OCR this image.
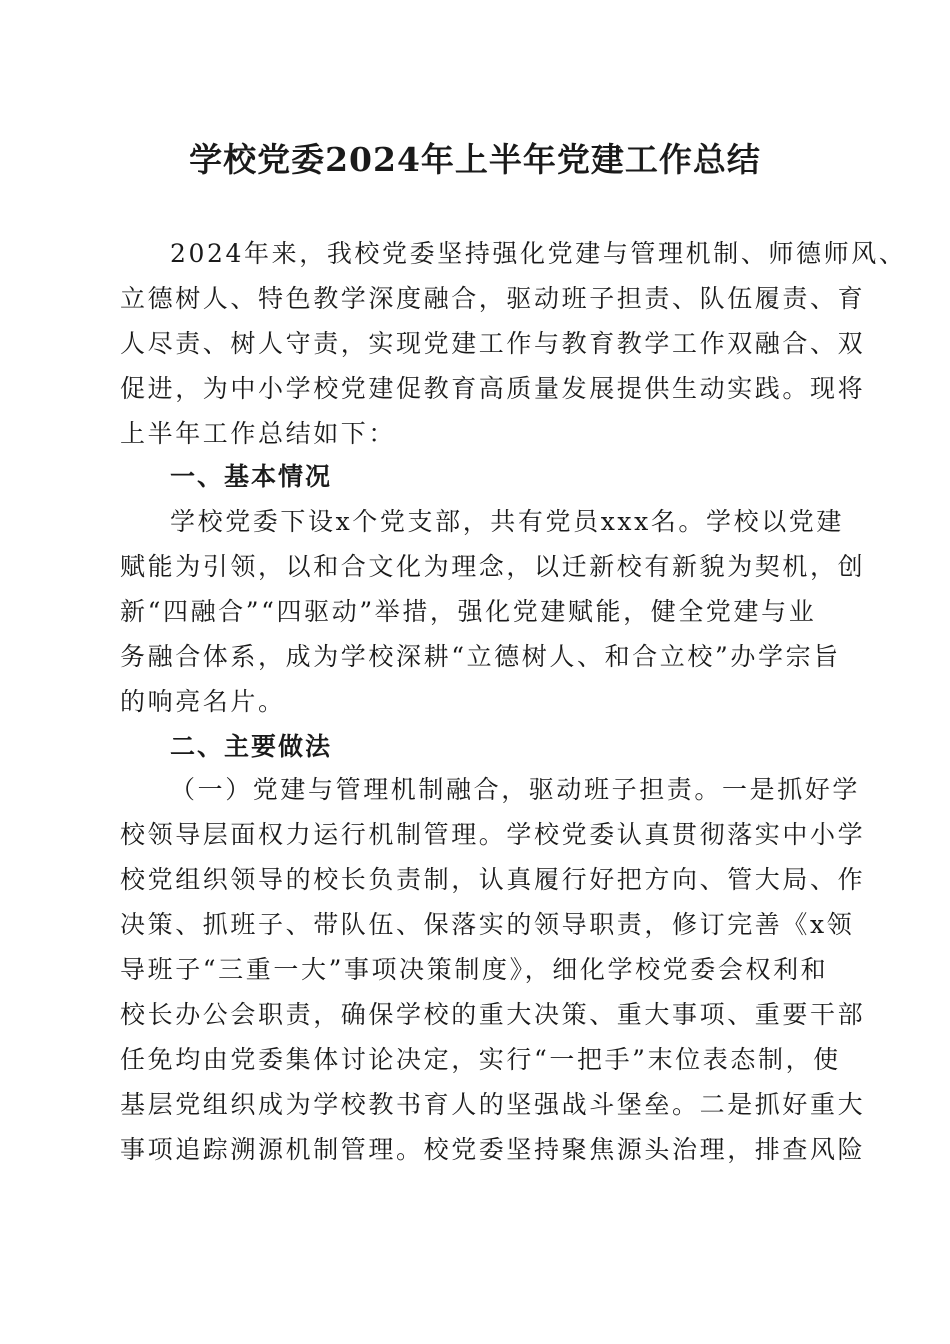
学校党委2024年上半年党建工作总结
2024年来，我校党委坚持强化党建与管理机制、师德师风、
立德树人、特色教学深度融合，驱动班子担责、队伍履责、育
人尽责、树人守责，实现党建工作与教育教学工作双融合、双
促进，为中小学校党建促教育高质量发展提供生动实践。现将
上半年工作总结如下：
一、基本情况
学校党委下设x个党支部，共有党员xxx名。学校以党建
赋能为引领，以和合文化为理念，以迁新校有新貌为契机，创
新“四融合”“四驱动”举措，强化党建赋能，健全党建与业
务融合体系，成为学校深耕“立德树人、和合立校”办学宗旨
的响亮名片。
二、主要做法
（一）党建与管理机制融合，驱动班子担责。一是抓好学
校领导层面权力运行机制管理。学校党委认真贯彻落实中小学
校党组织领导的校长负责制，认真履行好把方向、管大局、作
决策、抓班子、带队伍、保落实的领导职责，修订完善《x领
导班子“三重一大”事项决策制度》，细化学校党委会权利和
校长办公会职责，确保学校的重大决策、重大事项、重要干部
任免均由党委集体讨论决定，实行“一把手”末位表态制，使
基层党组织成为学校教书育人的坚强战斗堡垒。二是抓好重大
事项追踪溯源机制管理。校党委坚持聚焦源头治理，排查风险
